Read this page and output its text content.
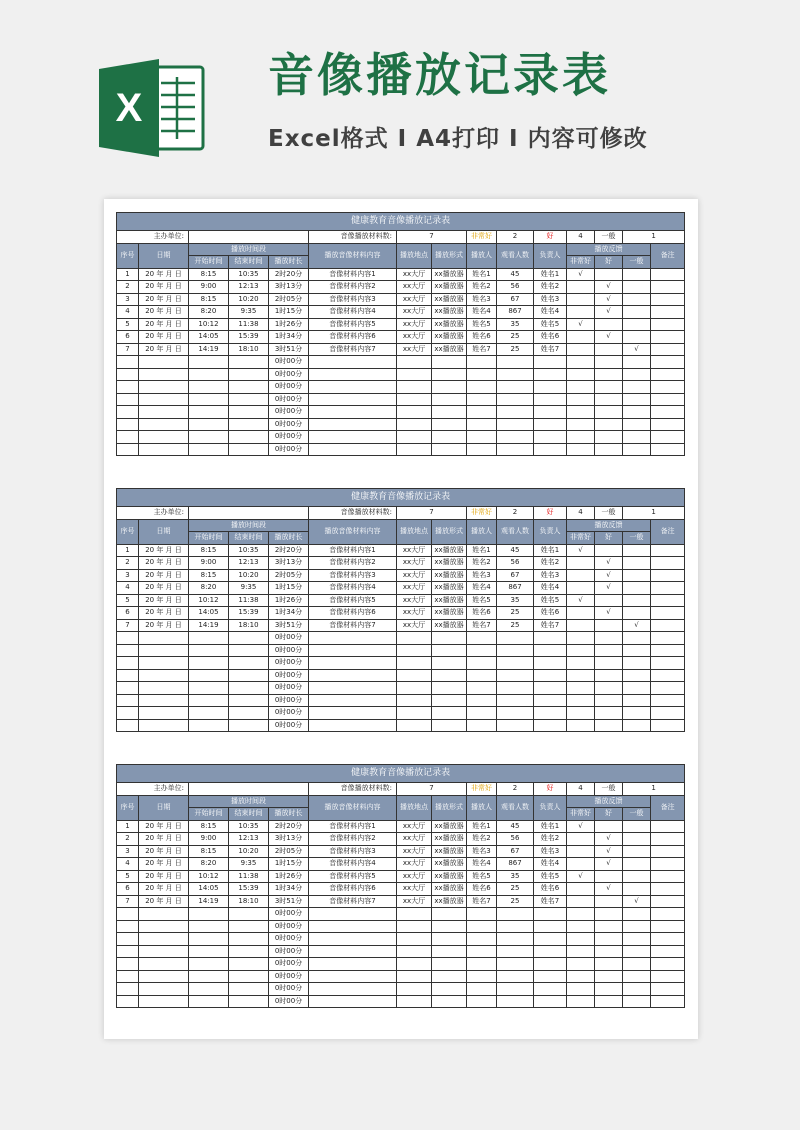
X
音像播放记录表
Excel格式 I A4打印 I 内容可修改
健康教育音像播放记录表														
主办单位:					音像播放材料数:	7		非常好	2	好	4	一般	1	
序号	日期	播放时间段			播放音像材料内容	播放地点	播放形式	播放人	观看人数	负责人	播放反馈			备注
		开始时间	结束时间	播放时长							非常好	好	一般	
1	20 年 月 日	8:15	10:35	2时20分	音像材料内容1	xx大厅	xx播放器	姓名1	45	姓名1	√			
2	20 年 月 日	9:00	12:13	3时13分	音像材料内容2	xx大厅	xx播放器	姓名2	56	姓名2		√		
3	20 年 月 日	8:15	10:20	2时05分	音像材料内容3	xx大厅	xx播放器	姓名3	67	姓名3		√		
4	20 年 月 日	8:20	9:35	1时15分	音像材料内容4	xx大厅	xx播放器	姓名4	867	姓名4		√		
5	20 年 月 日	10:12	11:38	1时26分	音像材料内容5	xx大厅	xx播放器	姓名5	35	姓名5	√			
6	20 年 月 日	14:05	15:39	1时34分	音像材料内容6	xx大厅	xx播放器	姓名6	25	姓名6		√		
7	20 年 月 日	14:19	18:10	3时51分	音像材料内容7	xx大厅	xx播放器	姓名7	25	姓名7			√	
				0时00分										
				0时00分										
				0时00分										
				0时00分										
				0时00分										
				0时00分										
				0时00分										
				0时00分										
健康教育音像播放记录表														
主办单位:					音像播放材料数:	7		非常好	2	好	4	一般	1	
序号	日期	播放时间段			播放音像材料内容	播放地点	播放形式	播放人	观看人数	负责人	播放反馈			备注
		开始时间	结束时间	播放时长							非常好	好	一般	
1	20 年 月 日	8:15	10:35	2时20分	音像材料内容1	xx大厅	xx播放器	姓名1	45	姓名1	√			
2	20 年 月 日	9:00	12:13	3时13分	音像材料内容2	xx大厅	xx播放器	姓名2	56	姓名2		√		
3	20 年 月 日	8:15	10:20	2时05分	音像材料内容3	xx大厅	xx播放器	姓名3	67	姓名3		√		
4	20 年 月 日	8:20	9:35	1时15分	音像材料内容4	xx大厅	xx播放器	姓名4	867	姓名4		√		
5	20 年 月 日	10:12	11:38	1时26分	音像材料内容5	xx大厅	xx播放器	姓名5	35	姓名5	√			
6	20 年 月 日	14:05	15:39	1时34分	音像材料内容6	xx大厅	xx播放器	姓名6	25	姓名6		√		
7	20 年 月 日	14:19	18:10	3时51分	音像材料内容7	xx大厅	xx播放器	姓名7	25	姓名7			√	
				0时00分										
				0时00分										
				0时00分										
				0时00分										
				0时00分										
				0时00分										
				0时00分										
				0时00分										
健康教育音像播放记录表														
主办单位:					音像播放材料数:	7		非常好	2	好	4	一般	1	
序号	日期	播放时间段			播放音像材料内容	播放地点	播放形式	播放人	观看人数	负责人	播放反馈			备注
		开始时间	结束时间	播放时长							非常好	好	一般	
1	20 年 月 日	8:15	10:35	2时20分	音像材料内容1	xx大厅	xx播放器	姓名1	45	姓名1	√			
2	20 年 月 日	9:00	12:13	3时13分	音像材料内容2	xx大厅	xx播放器	姓名2	56	姓名2		√		
3	20 年 月 日	8:15	10:20	2时05分	音像材料内容3	xx大厅	xx播放器	姓名3	67	姓名3		√		
4	20 年 月 日	8:20	9:35	1时15分	音像材料内容4	xx大厅	xx播放器	姓名4	867	姓名4		√		
5	20 年 月 日	10:12	11:38	1时26分	音像材料内容5	xx大厅	xx播放器	姓名5	35	姓名5	√			
6	20 年 月 日	14:05	15:39	1时34分	音像材料内容6	xx大厅	xx播放器	姓名6	25	姓名6		√		
7	20 年 月 日	14:19	18:10	3时51分	音像材料内容7	xx大厅	xx播放器	姓名7	25	姓名7			√	
				0时00分										
				0时00分										
				0时00分										
				0时00分										
				0时00分										
				0时00分										
				0时00分										
				0时00分										
